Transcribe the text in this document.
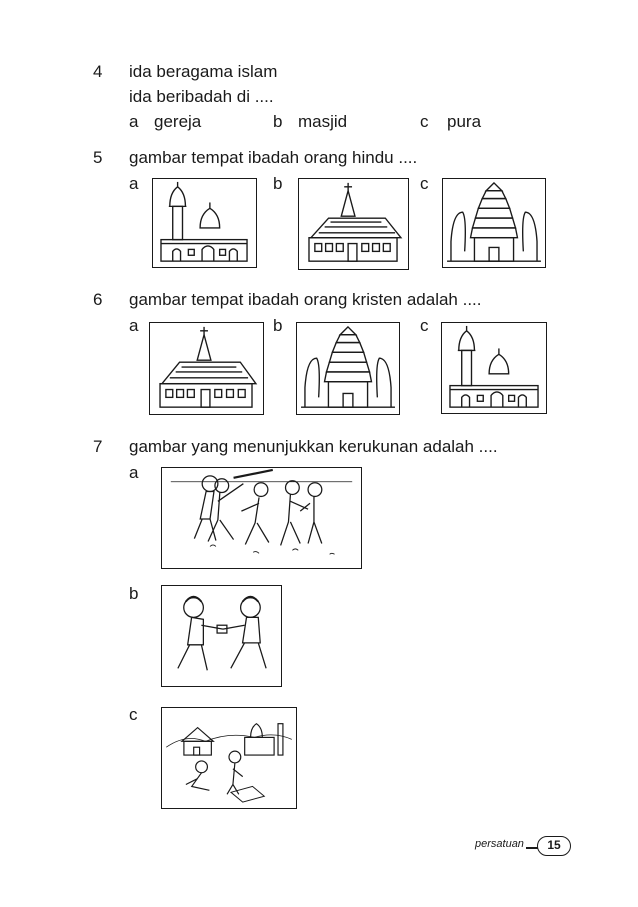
4 ida beragama islam
ida beribadah di ....
a gereja	b masjid	c pura
5 gambar tempat ibadah orang hindu ....
a	b	c
6 gambar tempat ibadah orang kristen adalah ....
a	b	c
7 gambar yang menunjukkan kerukunan adalah ....
a
b
c
persatuan	15
